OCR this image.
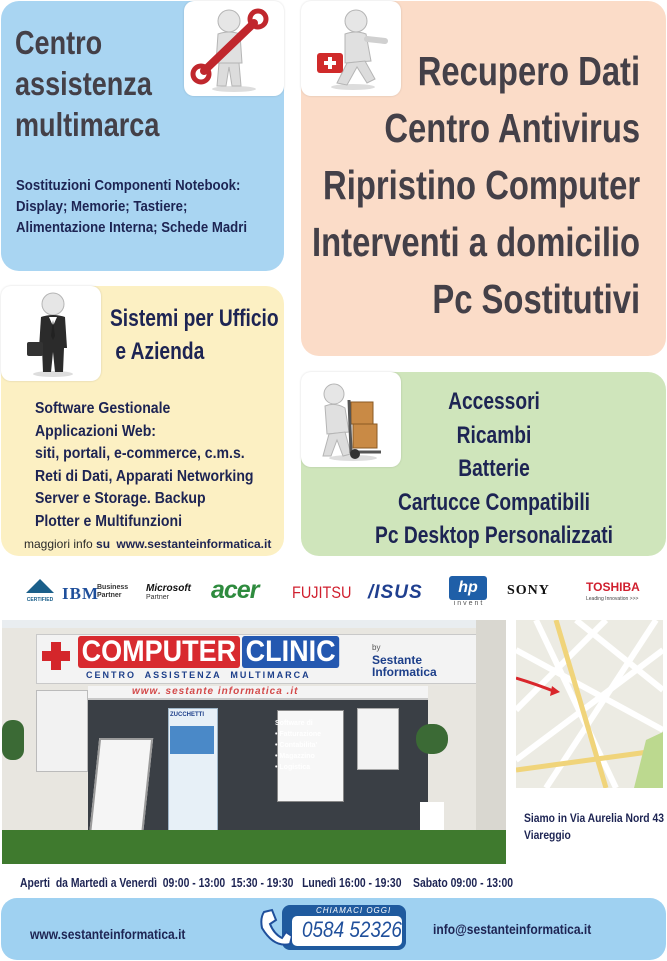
Centro
assistenza
multimarca
Sostituzioni Componenti Notebook:
Display; Memorie; Tastiere;
Alimentazione Interna; Schede Madri
Recupero Dati
Centro Antivirus
Ripristino Computer
Interventi a domicilio
Pc Sostitutivi
Sistemi per Ufficio
e Azienda
Software Gestionale
Applicazioni Web:
siti, portali, e-commerce, c.m.s.
Reti di Dati, Apparati Networking
Server e Storage. Backup
Plotter e Multifunzioni
maggiori info su www.sestanteinformatica.it
Accessori
Ricambi
Batterie
Cartucce Compatibili
Pc Desktop Personalizzati
Cisco
CERTIFIED IBM
Business
Partner
Microsoft
Partner	acer FUJITSU /ISUS	hp
invent
SONY	TOSHIBA
Leading Innovation >>>
COMPUTER CLINIC
CENTRO  ASSISTENZA  MULTIMARCA
by
Sestante
Informatica
www. sestante informatica .it
Software di
• Fatturazione
• Contabilita'
• Magazzino
• Logistica
ZUCCHETTI
Siamo in Via Aurelia Nord 43
Viareggio
Aperti  da Martedì a Venerdì  09:00 - 13:00  15:30 - 19:30   Lunedì 16:00 - 19:30    Sabato 09:00 - 13:00
www.sestanteinformatica.it
CHIAMACI OGGI
0584 52326 info@sestanteinformatica.it
